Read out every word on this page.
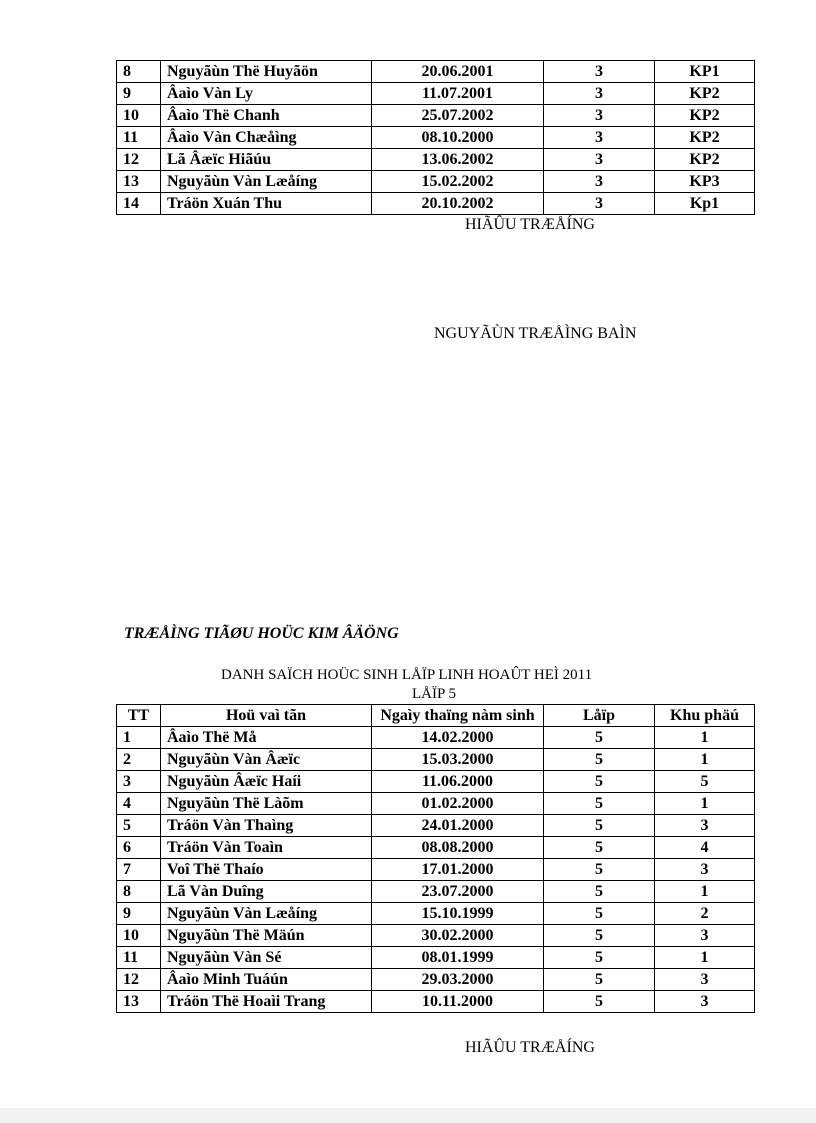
8	Nguyãùn Thë Huyãön	20.06.2001	3	KP1
9	Âaìo Vàn Ly	11.07.2001	3	KP2
10	Âaìo Thë Chanh	25.07.2002	3	KP2
11	Âaìo Vàn Chæåìng	08.10.2000	3	KP2
12	Lã Âæïc Hiãúu	13.06.2002	3	KP2
13	Nguyãùn Vàn Læåíng	15.02.2002	3	KP3
14	Tráön Xuán Thu	20.10.2002	3	Kp1
HIÃÛU TRÆÅÍNG
NGUYÃÙN TRÆÅÌNG BAÌN
TRÆÅÌNG TIÃØU HOÜC KIM ÂÄÖNG
DANH SAÏCH HOÜC SINH LÅÏP LINH HOAÛT HEÌ 2011
LÅÏP 5
TT	Hoü vaì tãn	Ngaìy thaïng nàm sinh	Låïp	Khu phäú
1	Âaìo Thë Må	14.02.2000	5	1
2	Nguyãùn Vàn Âæïc	15.03.2000	5	1
3	Nguyãùn Âæïc Haíi	11.06.2000	5	5
4	Nguyãùn Thë Làõm	01.02.2000	5	1
5	Tráön Vàn Thaìng	24.01.2000	5	3
6	Tráön Vàn Toaìn	08.08.2000	5	4
7	Voî Thë Thaío	17.01.2000	5	3
8	Lã Vàn Duîng	23.07.2000	5	1
9	Nguyãùn Vàn Læåíng	15.10.1999	5	2
10	Nguyãùn Thë Mäún	30.02.2000	5	3
11	Nguyãùn Vàn Sé	08.01.1999	5	1
12	Âaìo Minh Tuáún	29.03.2000	5	3
13	Tráön Thë Hoaìi Trang	10.11.2000	5	3
HIÃÛU TRÆÅÍNG
